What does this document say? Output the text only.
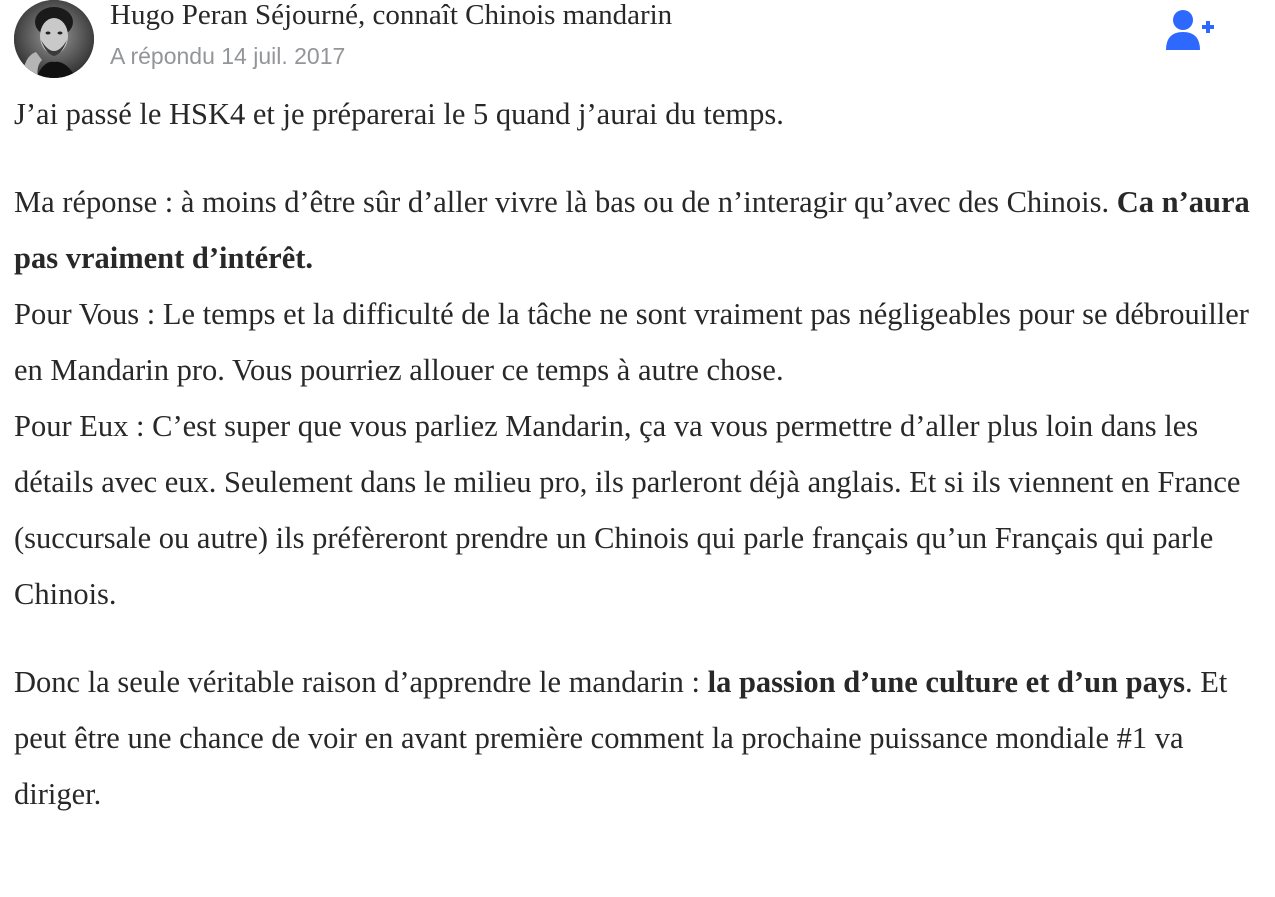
Hugo Peran Séjourné, connaît Chinois mandarin
A répondu 14 juil. 2017

J’ai passé le HSK4 et je préparerai le 5 quand j’aurai du temps.

Ma réponse : à moins d’être sûr d’aller vivre là bas ou de n’interagir qu’avec des Chinois. Ca n’aura pas vraiment d’intérêt.

Pour Vous : Le temps et la difficulté de la tâche ne sont vraiment pas négligeables pour se débrouiller en Mandarin pro. Vous pourriez allouer ce temps à autre chose.

Pour Eux : C’est super que vous parliez Mandarin, ça va vous permettre d’aller plus loin dans les détails avec eux. Seulement dans le milieu pro, ils parleront déjà anglais. Et si ils viennent en France (succursale ou autre) ils préfèreront prendre un Chinois qui parle français qu’un Français qui parle Chinois.

Donc la seule véritable raison d’apprendre le mandarin : la passion d’une culture et d’un pays. Et peut être une chance de voir en avant première comment la prochaine puissance mondiale #1 va diriger.
